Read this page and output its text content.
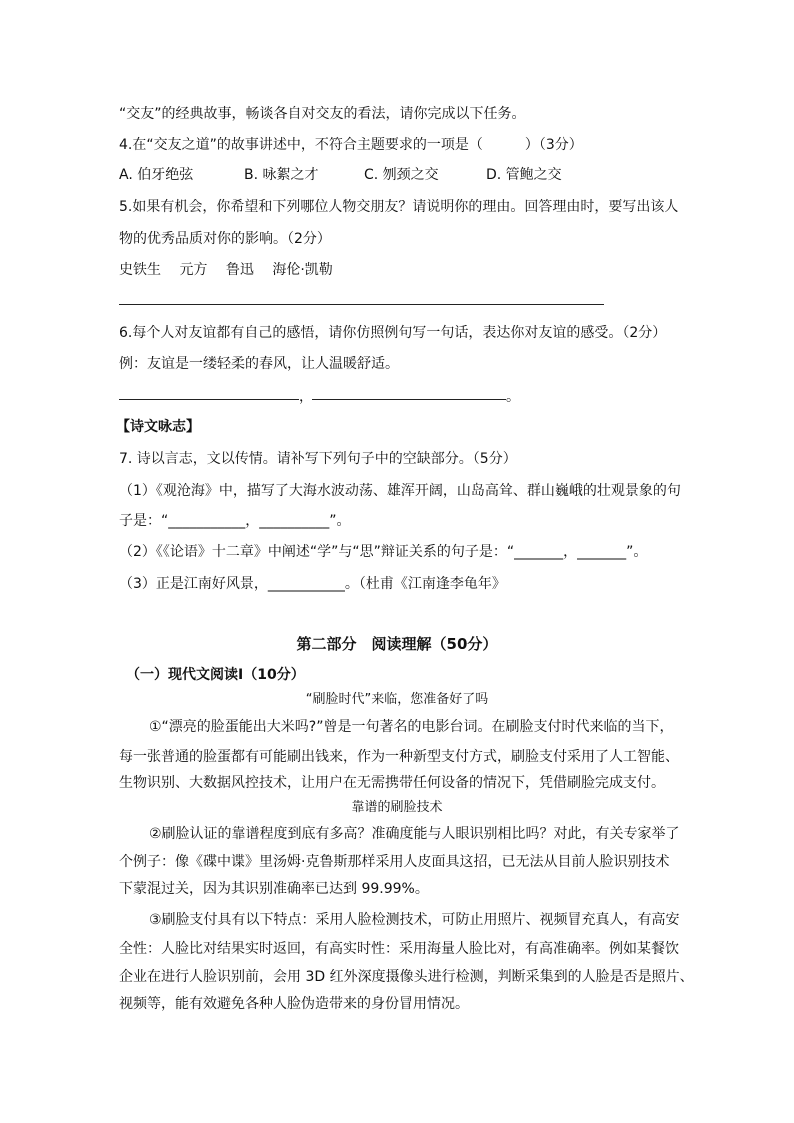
“交友”的经典故事，畅谈各自对交友的看法，请你完成以下任务。
4.在“交友之道”的故事讲述中，不符合主题要求的一项是（　　　）（3分）
A. 伯牙绝弦	B. 咏絮之才	C. 刎颈之交	D. 管鲍之交
5.如果有机会，你希望和下列哪位人物交朋友？请说明你的理由。回答理由时，要写出该人
物的优秀品质对你的影响。（2分）
史铁生 元方 鲁迅 海伦·凯勒
6.每个人对友谊都有自己的感悟，请你仿照例句写一句话，表达你对友谊的感受。（2分）
例：友谊是一缕轻柔的春风，让人温暖舒适。
，	。
【诗文咏志】
7. 诗以言志，文以传情。请补写下列句子中的空缺部分。（5分）
（1）《观沧海》中，描写了大海水波动荡、雄浑开阔，山岛高耸、群山巍峨的壮观景象的句
子是：“___________，__________”。
（2）《《论语》十二章》中阐述“学”与“思”辩证关系的句子是：“_______，_______”。
（3）正是江南好风景，___________。（杜甫《江南逢李龟年》
第二部分　阅读理解（50分）
（一）现代文阅读Ⅰ（10分）
“刷脸时代”来临，您准备好了吗
①“漂亮的脸蛋能出大米吗?”曾是一句著名的电影台词。在刷脸支付时代来临的当下，
每一张普通的脸蛋都有可能刷出钱来，作为一种新型支付方式，刷脸支付采用了人工智能、
生物识别、大数据风控技术，让用户在无需携带任何设备的情况下，凭借刷脸完成支付。
靠谱的刷脸技术
②刷脸认证的靠谱程度到底有多高？准确度能与人眼识别相比吗？对此，有关专家举了
个例子：像《碟中谍》里汤姆·克鲁斯那样采用人皮面具这招，已无法从目前人脸识别技术
下蒙混过关，因为其识别准确率已达到 99.99%。
③刷脸支付具有以下特点：采用人脸检测技术，可防止用照片、视频冒充真人，有高安
全性：人脸比对结果实时返回，有高实时性：采用海量人脸比对，有高准确率。例如某餐饮
企业在进行人脸识别前，会用 3D 红外深度摄像头进行检测，判断采集到的人脸是否是照片、
视频等，能有效避免各种人脸伪造带来的身份冒用情况。
